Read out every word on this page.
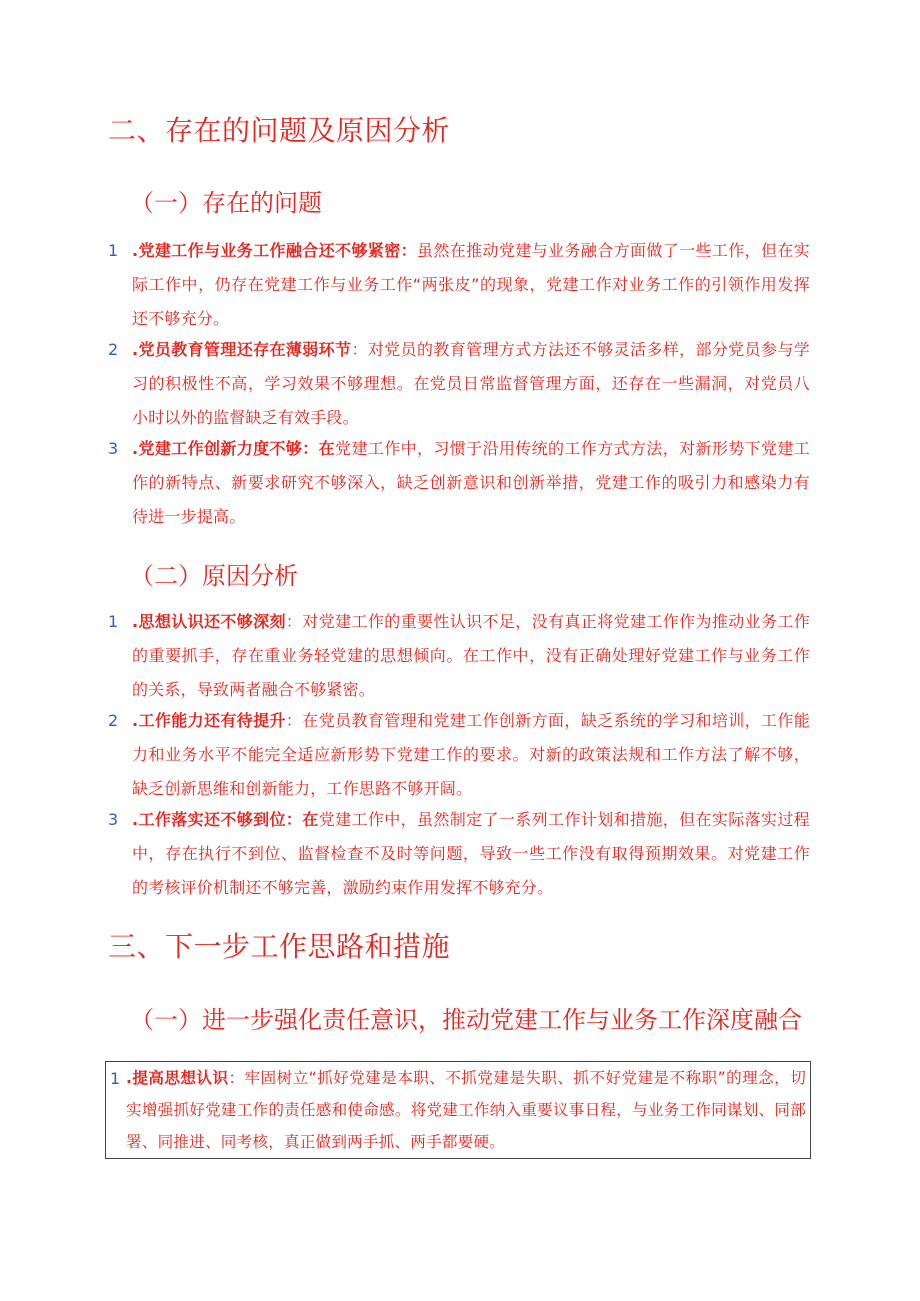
二、存在的问题及原因分析
（一）存在的问题
1 .党建工作与业务工作融合还不够紧密：虽然在推动党建与业务融合方面做了一些工作，但在实际工作中，仍存在党建工作与业务工作“两张皮”的现象，党建工作对业务工作的引领作用发挥还不够充分。

2 .党员教育管理还存在薄弱环节：对党员的教育管理方式方法还不够灵活多样，部分党员参与学习的积极性不高，学习效果不够理想。在党员日常监督管理方面，还存在一些漏洞，对党员八小时以外的监督缺乏有效手段。

3 .党建工作创新力度不够：在党建工作中，习惯于沿用传统的工作方式方法，对新形势下党建工作的新特点、新要求研究不够深入，缺乏创新意识和创新举措，党建工作的吸引力和感染力有待进一步提高。

（二）原因分析
1 .思想认识还不够深刻：对党建工作的重要性认识不足，没有真正将党建工作作为推动业务工作的重要抓手，存在重业务轻党建的思想倾向。在工作中，没有正确处理好党建工作与业务工作的关系，导致两者融合不够紧密。

2 .工作能力还有待提升：在党员教育管理和党建工作创新方面，缺乏系统的学习和培训，工作能力和业务水平不能完全适应新形势下党建工作的要求。对新的政策法规和工作方法了解不够，缺乏创新思维和创新能力，工作思路不够开阔。

3 .工作落实还不够到位：在党建工作中，虽然制定了一系列工作计划和措施，但在实际落实过程中，存在执行不到位、监督检查不及时等问题，导致一些工作没有取得预期效果。对党建工作的考核评价机制还不够完善，激励约束作用发挥不够充分。

三、下一步工作思路和措施
（一）进一步强化责任意识，推动党建工作与业务工作深度融合
1 .提高思想认识：牢固树立“抓好党建是本职、不抓党建是失职、抓不好党建是不称职”的理念，切实增强抓好党建工作的责任感和使命感。将党建工作纳入重要议事日程，与业务工作同谋划、同部署、同推进、同考核，真正做到两手抓、两手都要硬。
